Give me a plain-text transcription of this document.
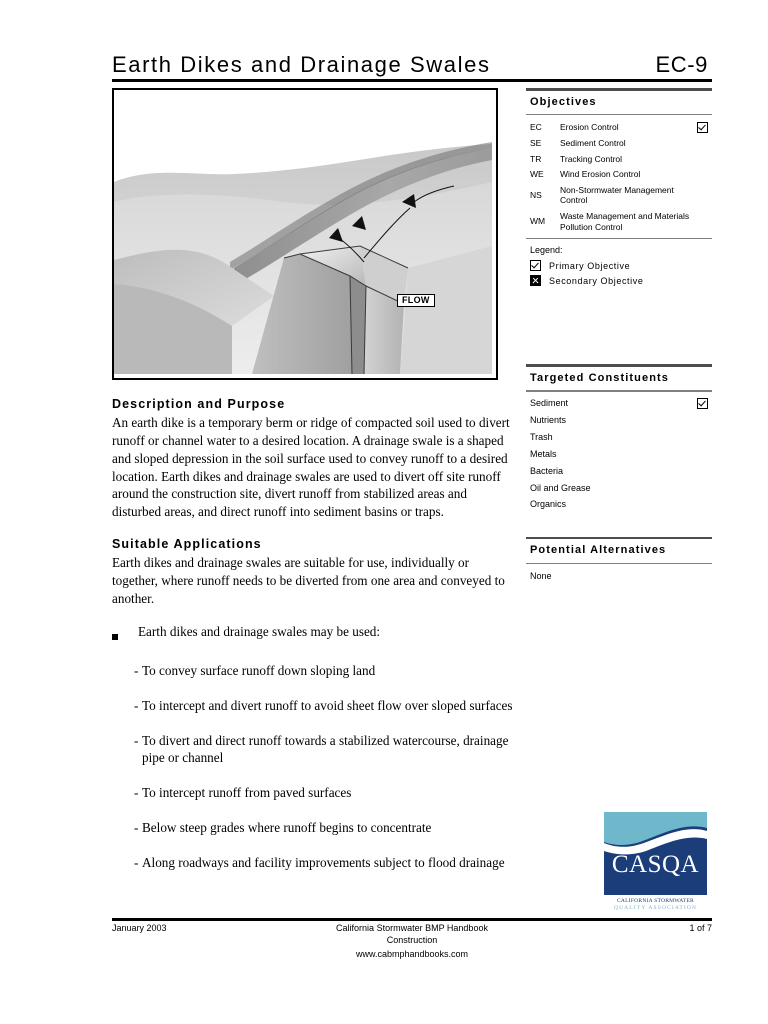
Earth Dikes and Drainage Swales	EC-9
FLOW
Objectives
EC	Erosion Control	
SE	Sediment Control	
TR	Tracking Control	
WE	Wind Erosion Control	
NS	Non-Stormwater Management Control	
WM	Waste Management and Materials Pollution Control	
Legend:
Primary Objective
Secondary Objective
Targeted Constituents
Sediment
Nutrients
Trash
Metals
Bacteria
Oil and Grease
Organics
Potential Alternatives
None
Description and Purpose

An earth dike is a temporary berm or ridge of compacted soil used to divert runoff or channel water to a desired location. A drainage swale is a shaped and sloped depression in the soil surface used to convey runoff to a desired location. Earth dikes and drainage swales are used to divert off site runoff around the construction site, divert runoff from stabilized areas and disturbed areas, and direct runoff into sediment basins or traps.

Suitable Applications

Earth dikes and drainage swales are suitable for use, individually or together, where runoff needs to be diverted from one area and conveyed to another.

Earth dikes and drainage swales may be used:
- To convey surface runoff down sloping land
- To intercept and divert runoff to avoid sheet flow over sloped surfaces
- To divert and direct runoff towards a stabilized watercourse, drainage pipe or channel
- To intercept runoff from paved surfaces
- Below steep grades where runoff begins to concentrate
- Along roadways and facility improvements subject to flood drainage	CASQA
CALIFORNIA STORMWATER
QUALITY ASSOCIATION
January 2003	1 of 7
California Stormwater BMP Handbook
Construction
www.cabmphandbooks.com
